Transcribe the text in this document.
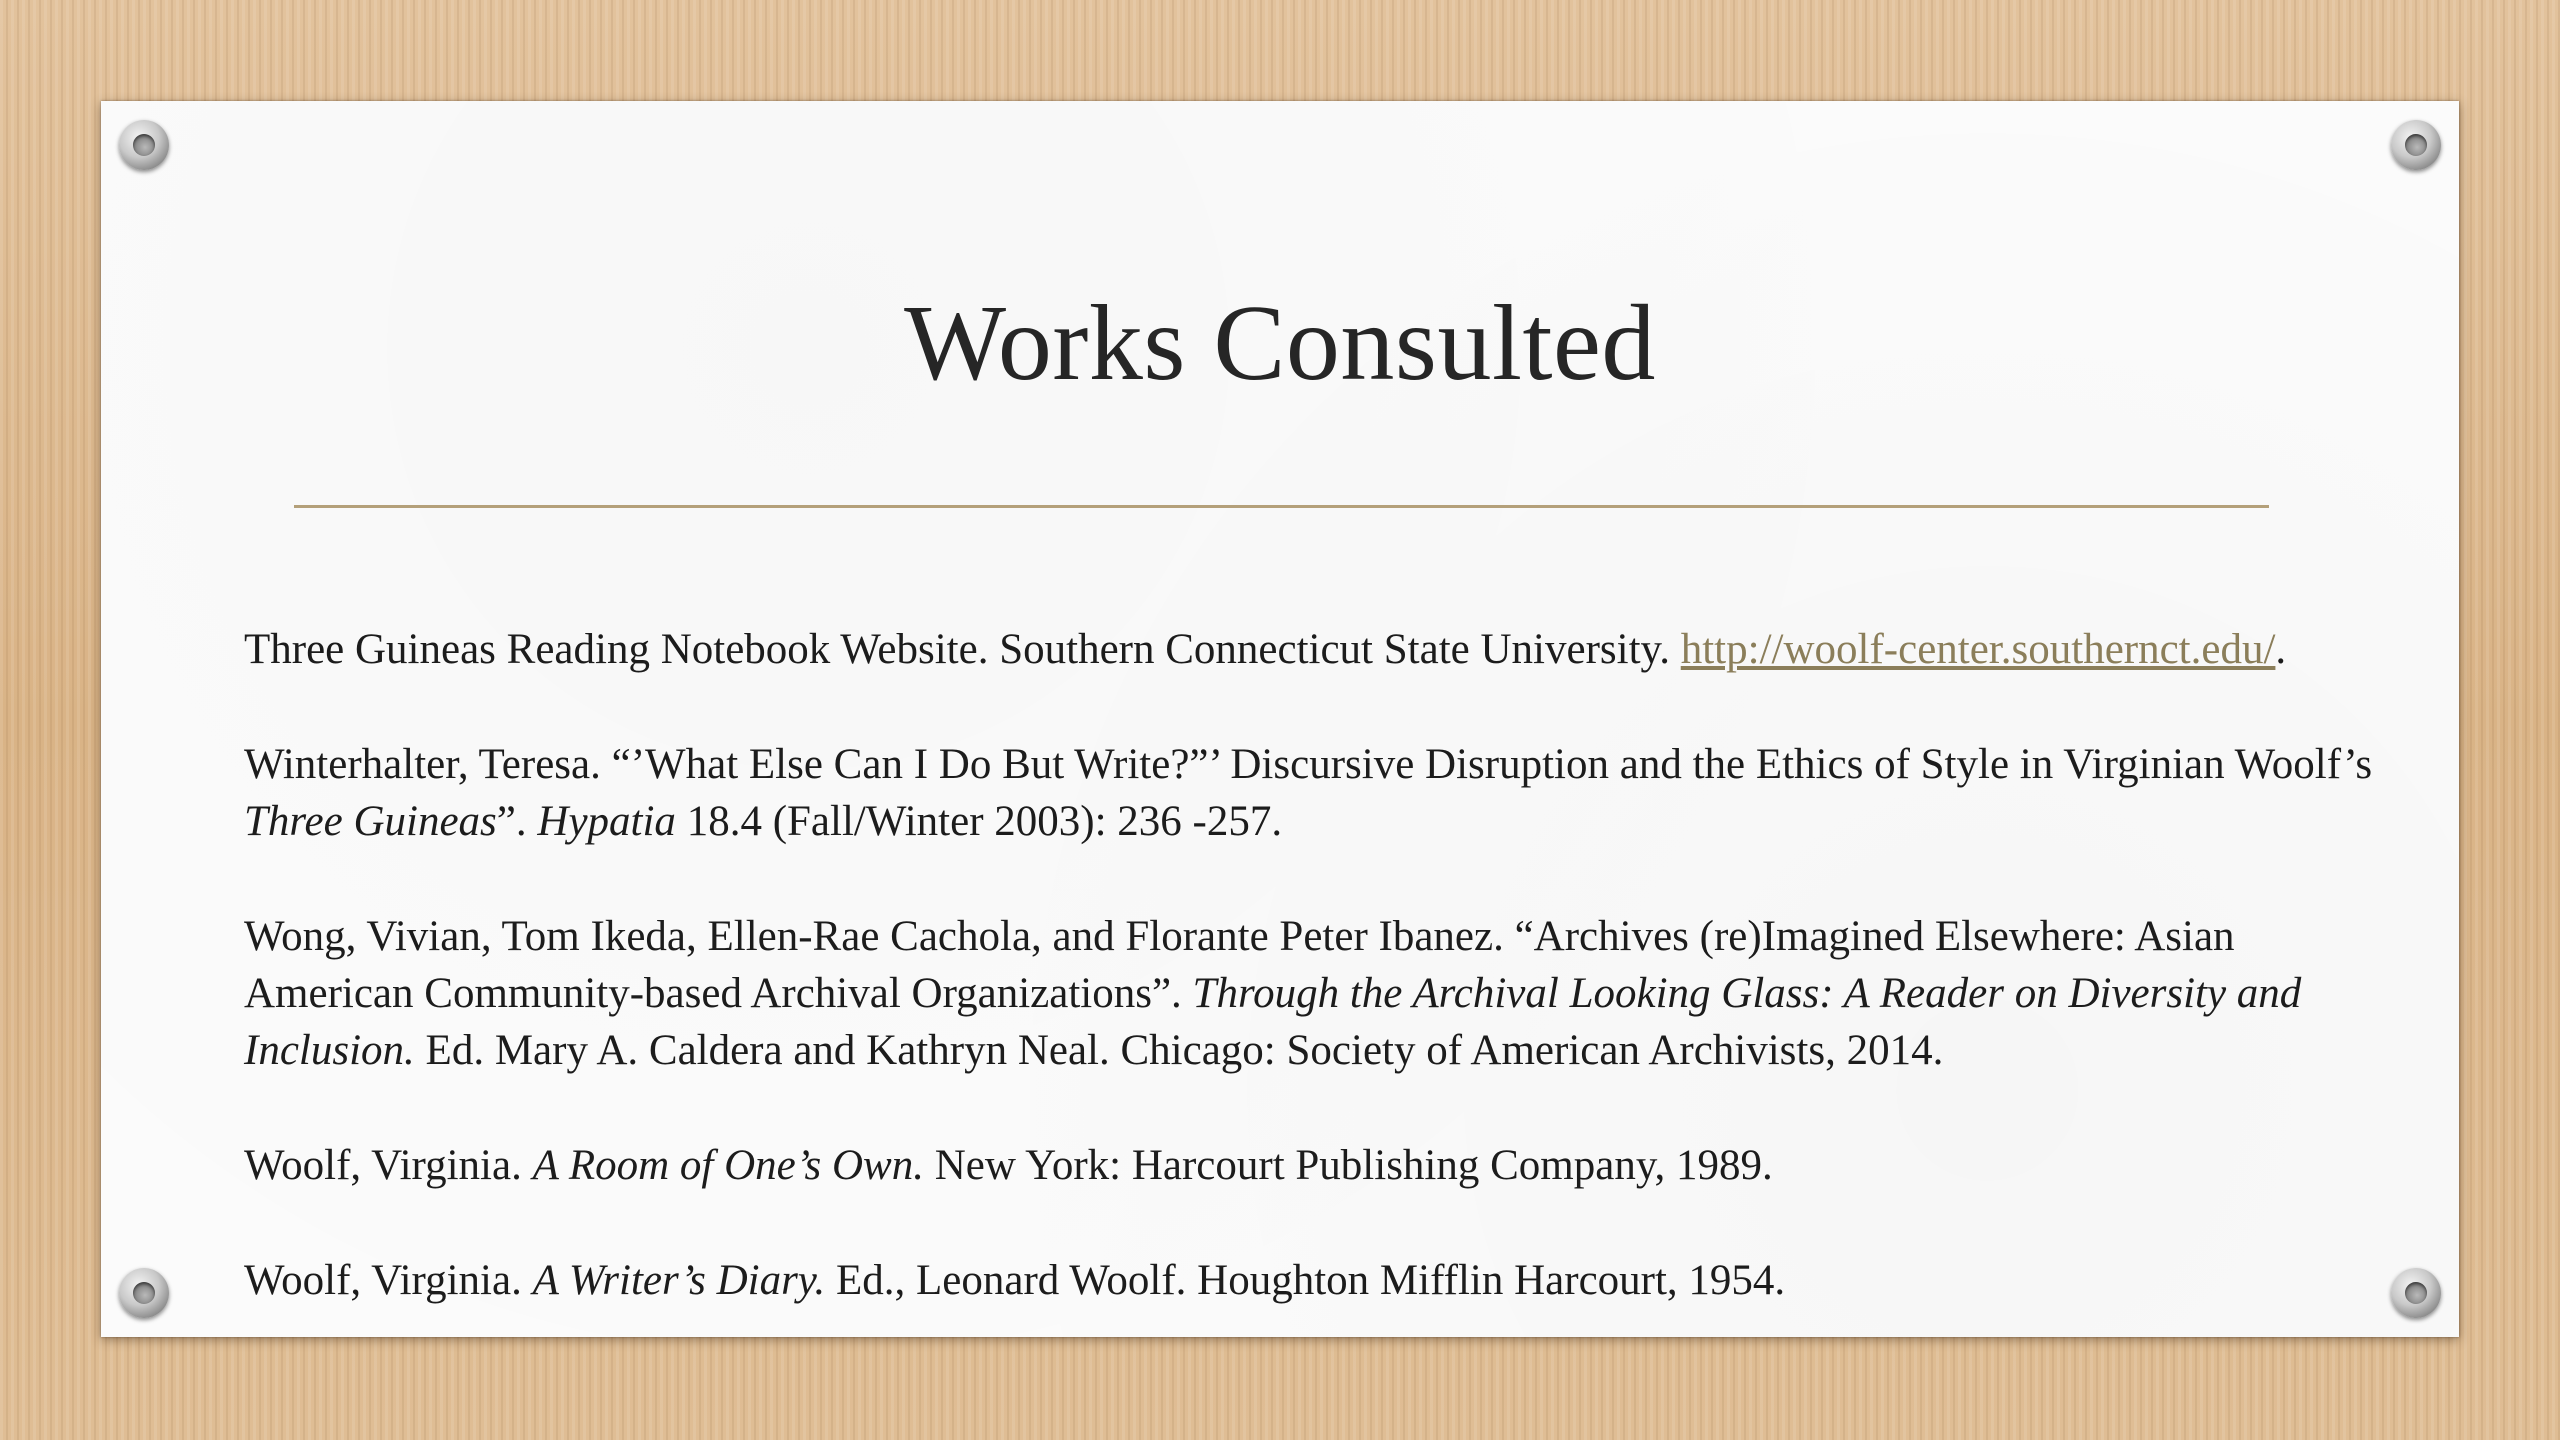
Works Consulted

Three Guineas Reading Notebook Website. Southern Connecticut State University. http://woolf-center.southernct.edu/.

Winterhalter, Teresa. “’What Else Can I Do But Write?”’ Discursive Disruption and the Ethics of Style in Virginian Woolf’s Three Guineas”. Hypatia 18.4 (Fall/Winter 2003): 236 -257.

Wong, Vivian, Tom Ikeda, Ellen-Rae Cachola, and Florante Peter Ibanez. “Archives (re)Imagined Elsewhere: Asian American Community-based Archival Organizations”. Through the Archival Looking Glass: A Reader on Diversity and Inclusion. Ed. Mary A. Caldera and Kathryn Neal. Chicago: Society of American Archivists, 2014.

Woolf, Virginia. A Room of One’s Own. New York: Harcourt Publishing Company, 1989.

Woolf, Virginia. A Writer’s Diary. Ed., Leonard Woolf. Houghton Mifflin Harcourt, 1954.
